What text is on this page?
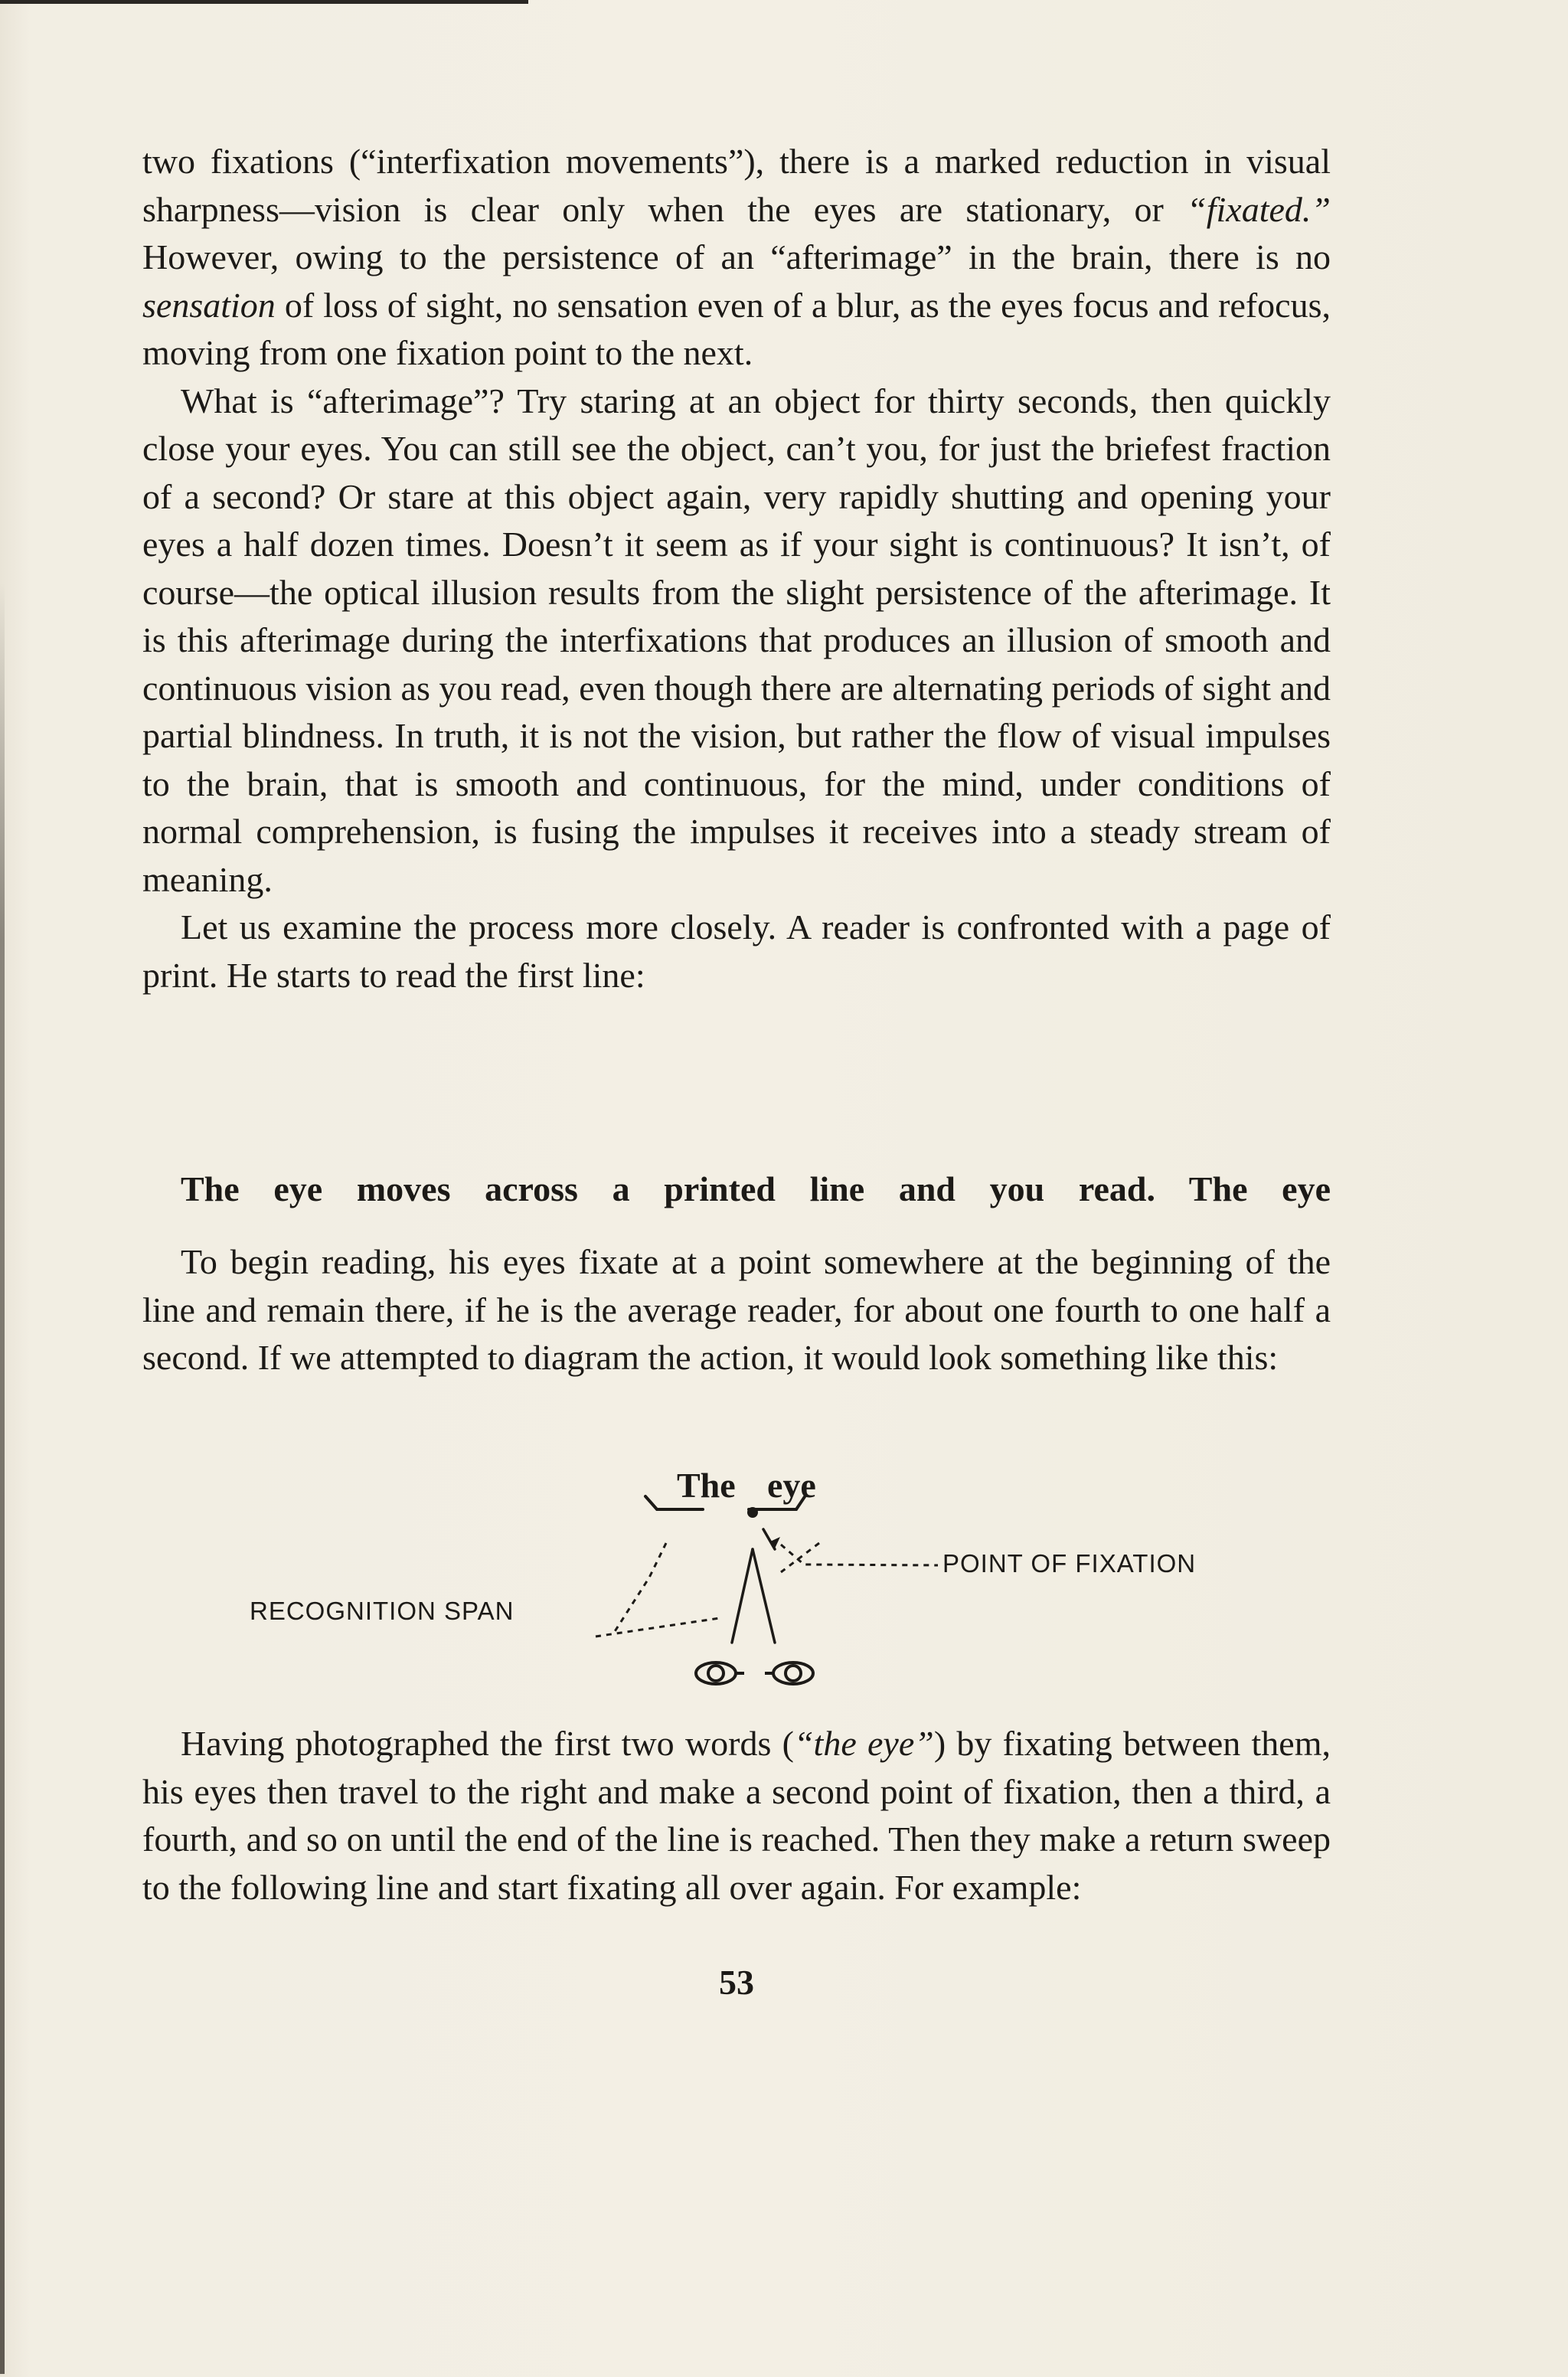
two fixations (“interfixation movements”), there is a marked reduction in visual sharpness—vision is clear only when the eyes are stationary, or “fixated.” However, owing to the persistence of an “afterimage” in the brain, there is no sensation of loss of sight, no sensation even of a blur, as the eyes focus and refocus, moving from one fixation point to the next.

What is “afterimage”? Try staring at an object for thirty seconds, then quickly close your eyes. You can still see the object, can’t you, for just the briefest fraction of a second? Or stare at this object again, very rapidly shutting and opening your eyes a half dozen times. Doesn’t it seem as if your sight is continuous? It isn’t, of course—the optical illusion results from the slight persistence of the afterimage. It is this afterimage during the interfixations that produces an illusion of smooth and continuous vision as you read, even though there are alternating periods of sight and partial blindness. In truth, it is not the vision, but rather the flow of visual impulses to the brain, that is smooth and continuous, for the mind, under conditions of normal comprehension, is fusing the impulses it receives into a steady stream of meaning.

Let us examine the process more closely. A reader is confronted with a page of print. He starts to read the first line:

The eye moves across a printed line and you read. The eye

To begin reading, his eyes fixate at a point somewhere at the beginning of the line and remain there, if he is the average reader, for about one fourth to one half a second. If we attempted to diagram the action, it would look something like this:

The eye
RECOGNITION SPAN
POINT OF FIXATION

Having photographed the first two words (“the eye”) by fixating between them, his eyes then travel to the right and make a second point of fixation, then a third, a fourth, and so on until the end of the line is reached. Then they make a return sweep to the following line and start fixating all over again. For example:

53
